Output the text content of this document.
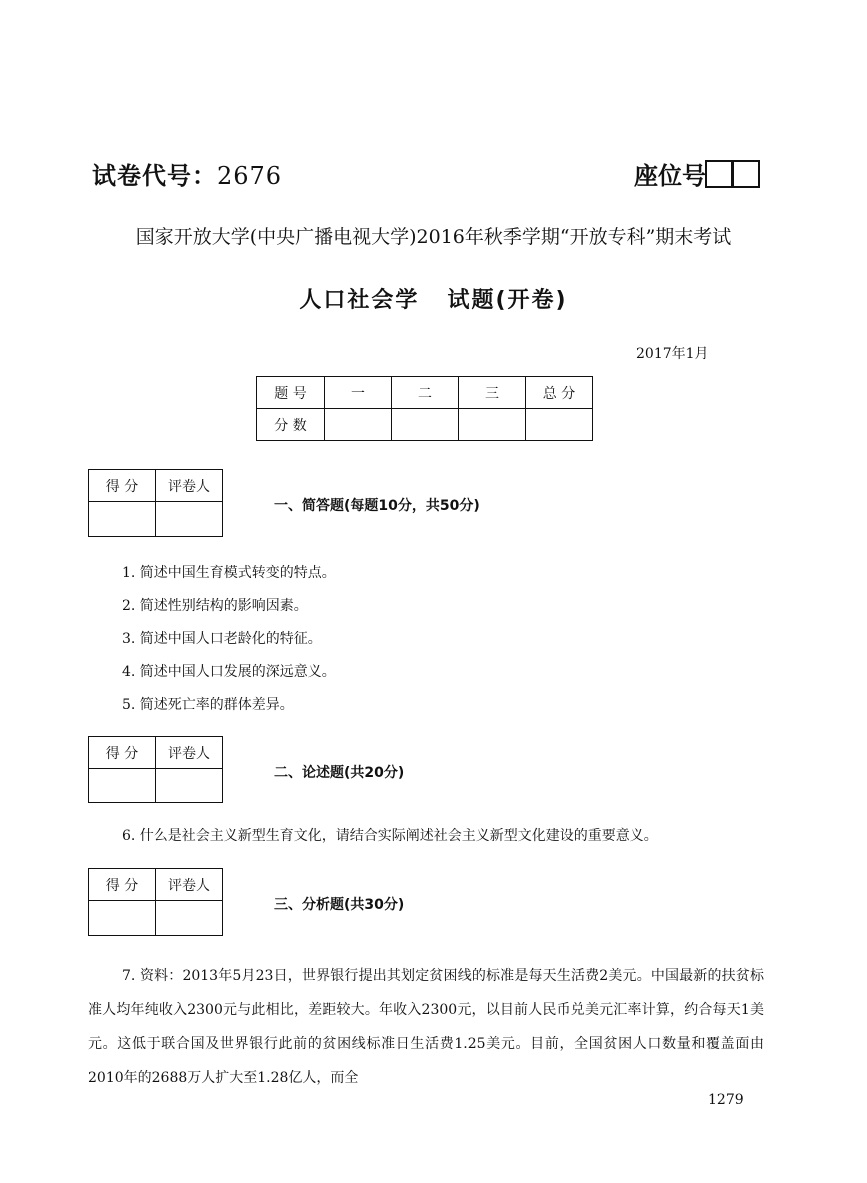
试卷代号：2676	座位号
国家开放大学(中央广播电视大学)2016年秋季学期“开放专科”期末考试
人口社会学 试题(开卷)
2017年1月
题 号	一	二	三	总 分
分 数				
得 分	评卷人

一、简答题(每题10分，共50分)
1. 简述中国生育模式转变的特点。
2. 简述性别结构的影响因素。
3. 简述中国人口老龄化的特征。
4. 简述中国人口发展的深远意义。
5. 简述死亡率的群体差异。
得 分	评卷人

二、论述题(共20分)
6. 什么是社会主义新型生育文化，请结合实际阐述社会主义新型文化建设的重要意义。
得 分	评卷人

三、分析题(共30分)
7. 资料：2013年5月23日，世界银行提出其划定贫困线的标准是每天生活费2美元。中国最新的扶贫标准人均年纯收入2300元与此相比，差距较大。年收入2300元，以目前人民币兑美元汇率计算，约合每天1美元。这低于联合国及世界银行此前的贫困线标准日生活费1.25美元。目前，全国贫困人口数量和覆盖面由2010年的2688万人扩大至1.28亿人，而全
1279
